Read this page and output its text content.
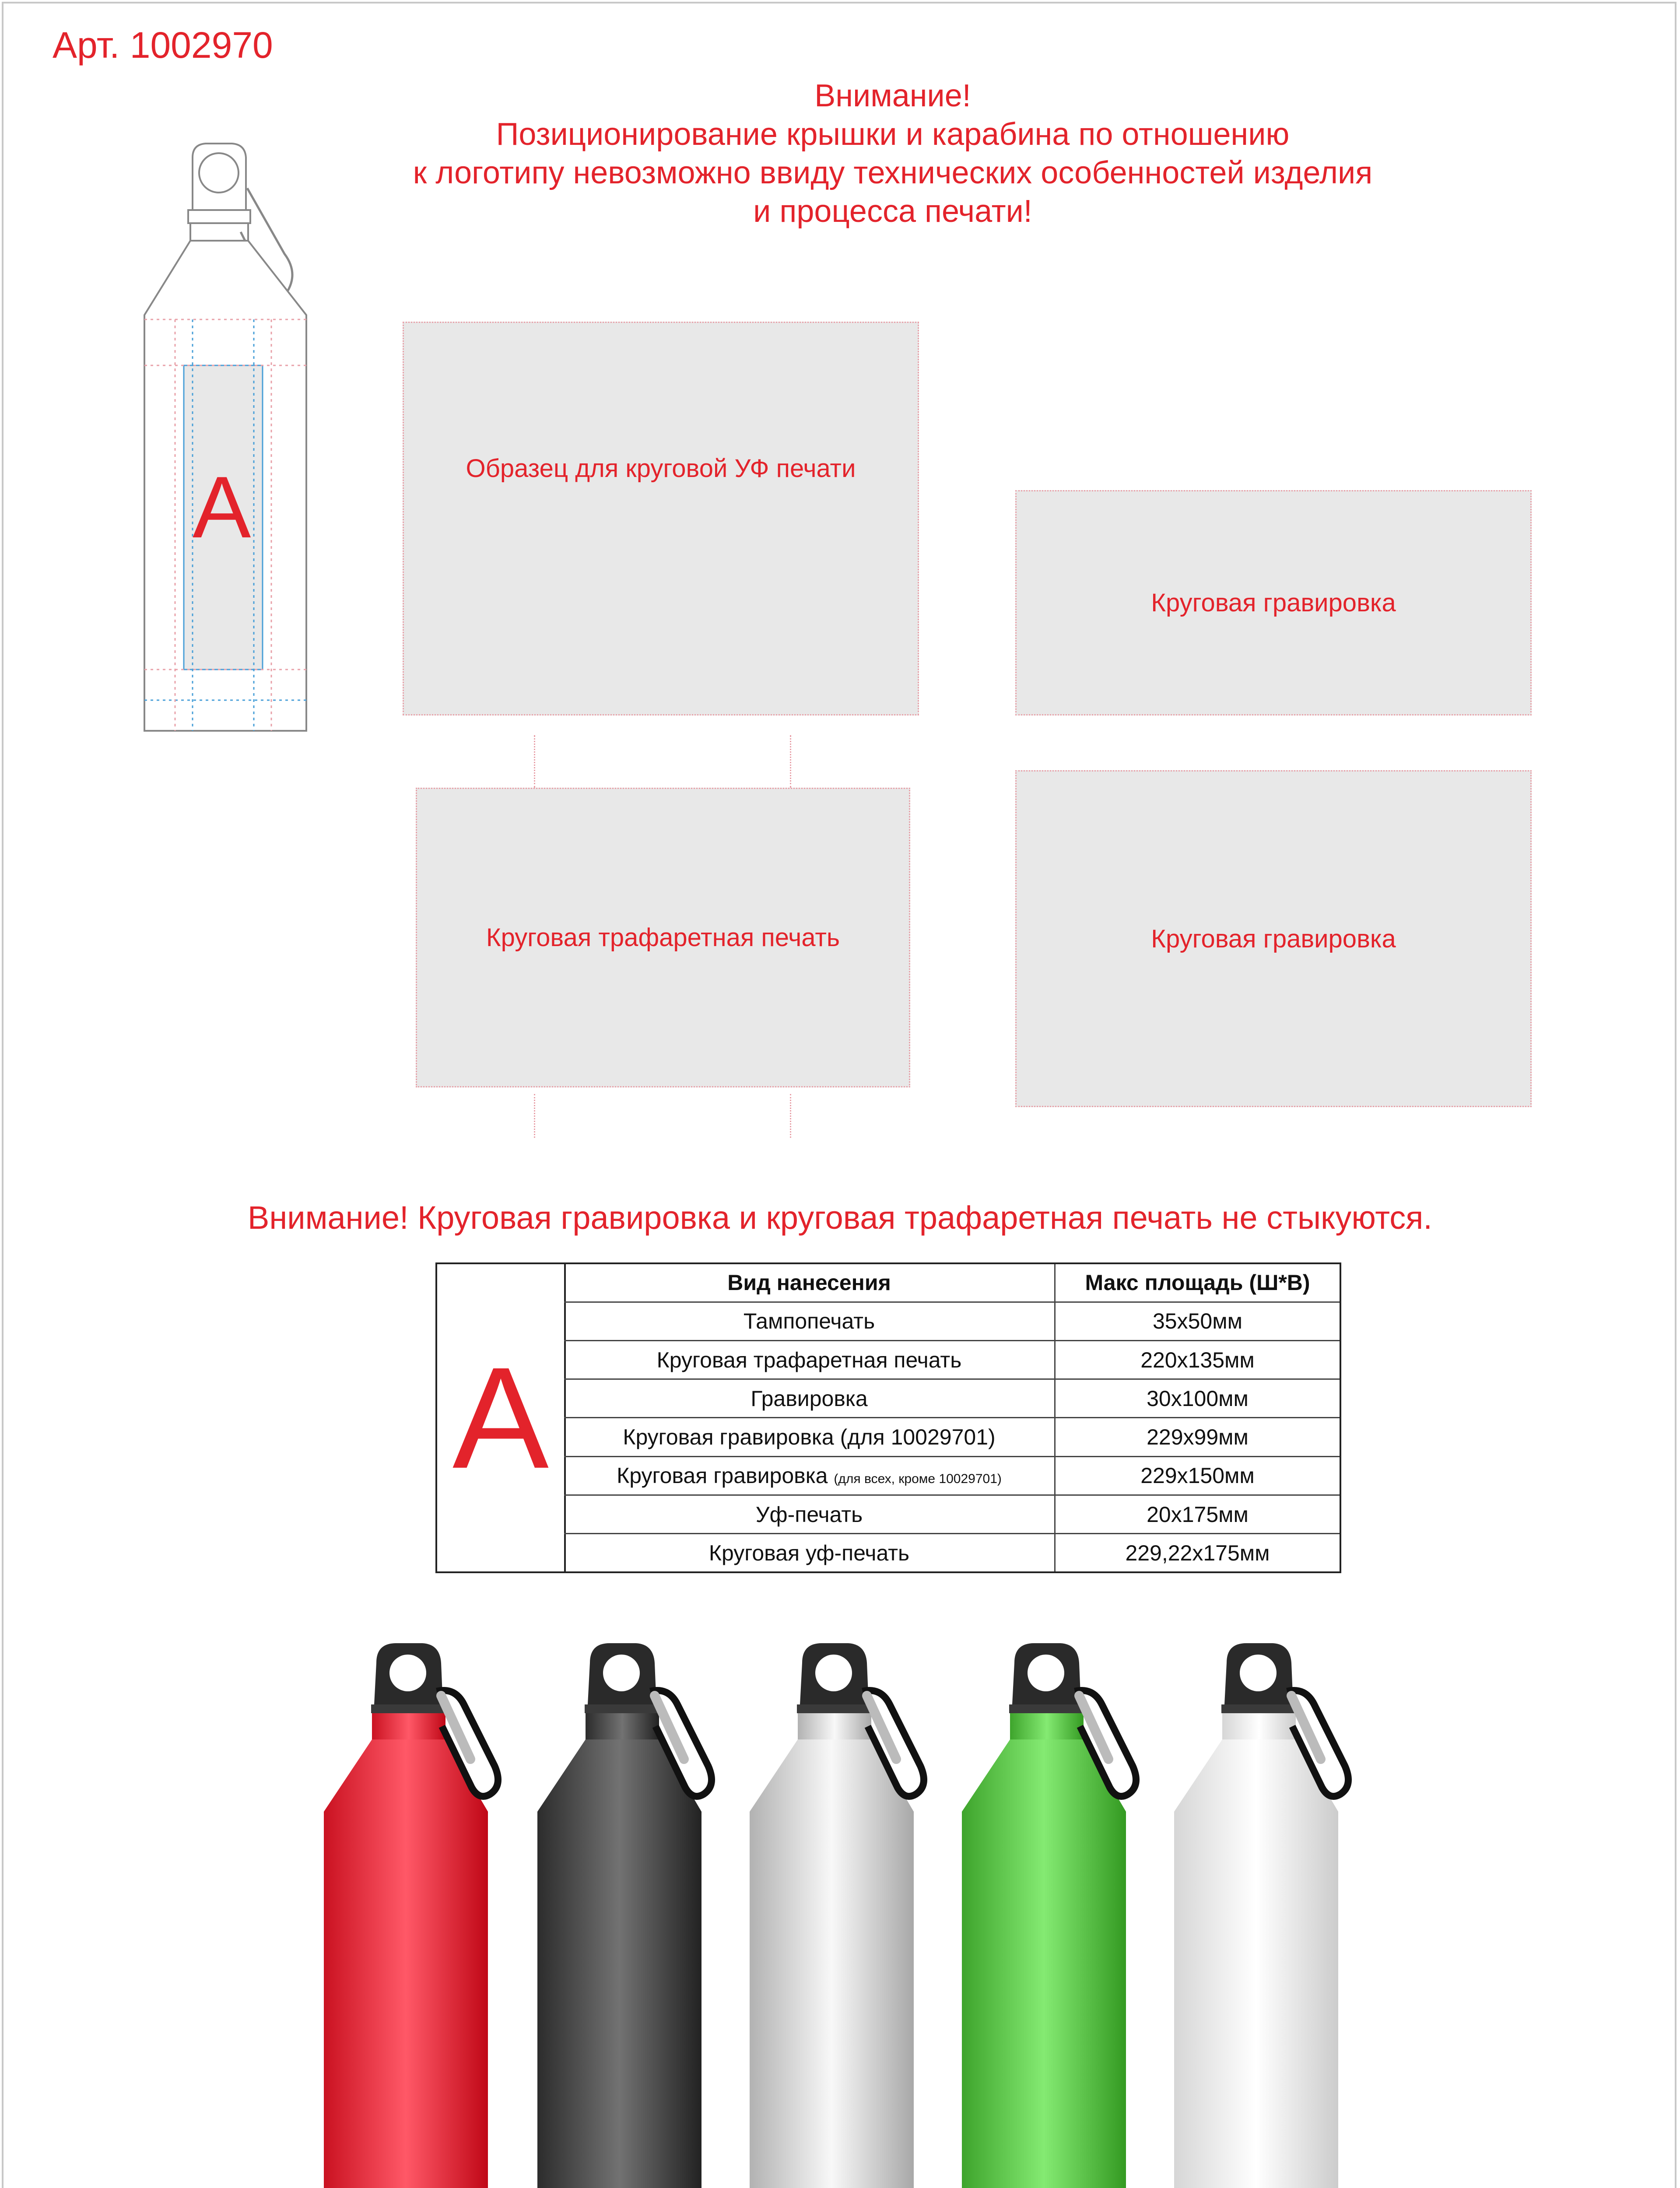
Арт. 1002970
Внимание!
Позиционирование крышки и карабина по отношению
к логотипу невозможно ввиду технических особенностей изделия
и процесса печати!
A	Образец для круговой УФ печати
Круговая гравировка
Круговая трафаретная печать	Круговая гравировка
Внимание! Круговая гравировка и круговая трафаретная печать не стыкуются.
A
Вид нанесения	Макс площадь (Ш*В)
Тампопечать	35х50мм
Круговая трафаретная печать	220х135мм
Гравировка	30х100мм
Круговая гравировка (для 10029701)	229х99мм
Круговая гравировка (для всех, кроме 10029701)	229х150мм
Уф-печать	20х175мм
Круговая уф-печать	229,22х175мм
